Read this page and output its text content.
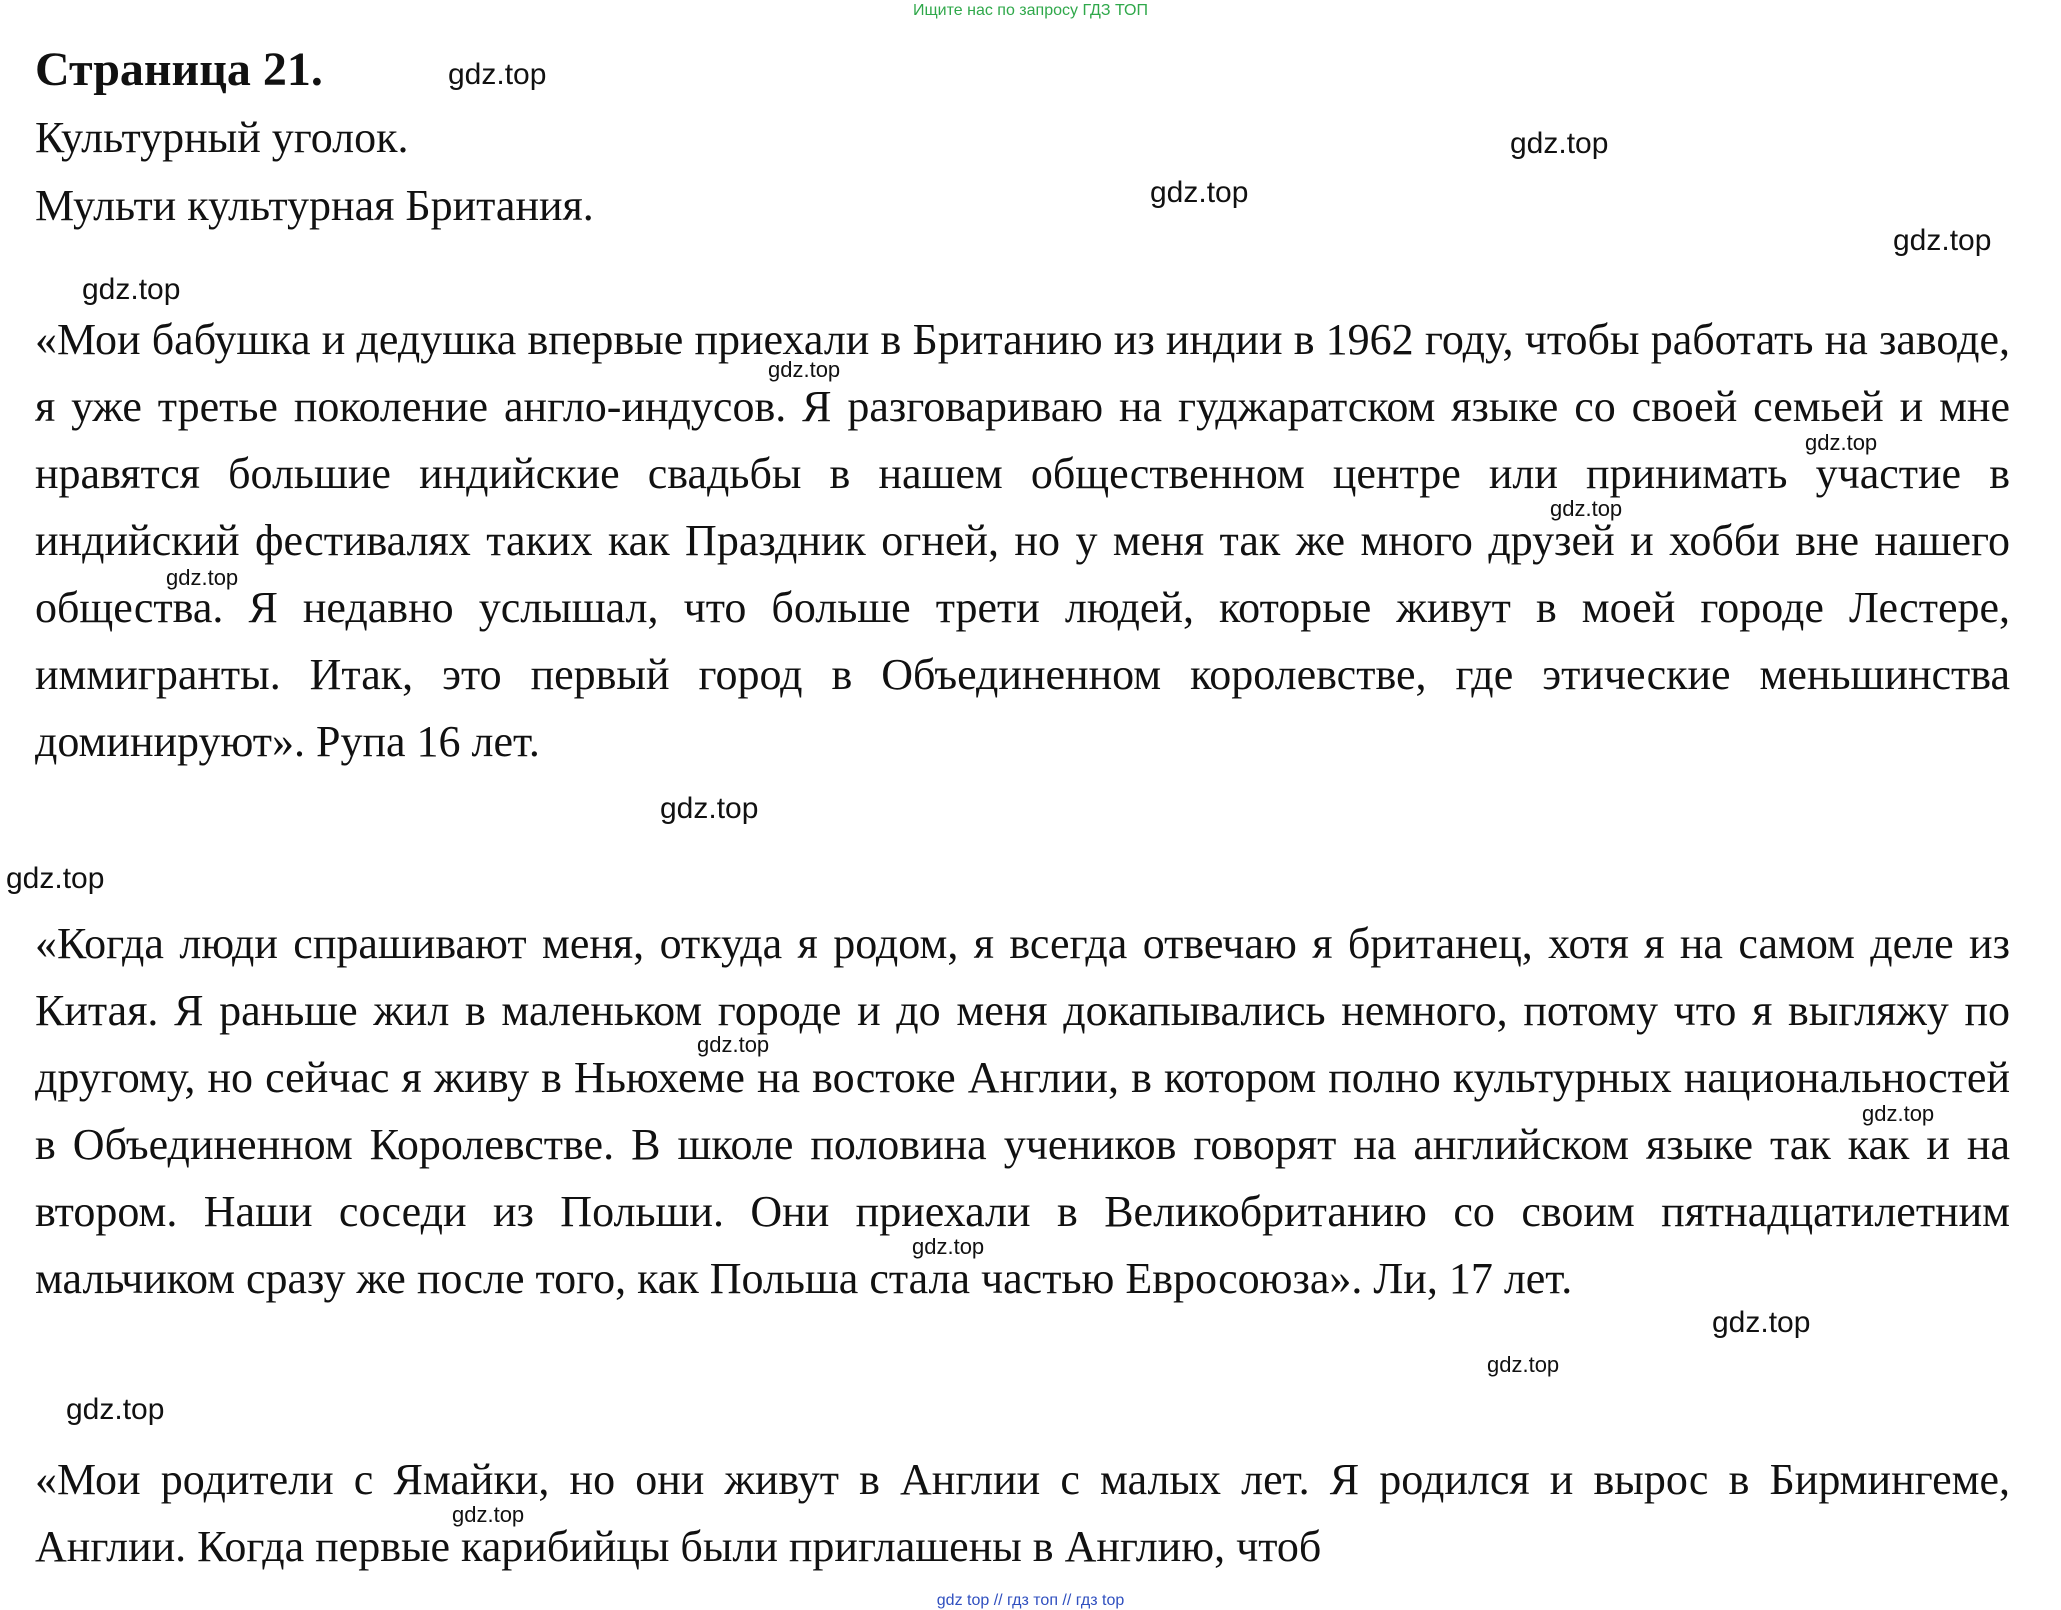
Ищите нас по запросу ГДЗ ТОП
Страница 21.
Культурный уголок.
Мульти культурная Британия.
«Мои бабушка и дедушка впервые приехали в Британию из индии в 1962 году, чтобы работать на заводе, я уже третье поколение англо-индусов. Я разговариваю на гуджаратском языке со своей семьей и мне нравятся большие индийские свадьбы в нашем общественном центре или принимать участие в индийский фестивалях таких как Праздник огней, но у меня так же много друзей и хобби вне нашего общества. Я недавно услышал, что больше трети людей, которые живут в моей городе Лестере, иммигранты. Итак, это первый город в Объединенном королевстве, где этические меньшинства доминируют». Рупа 16 лет.
«Когда люди спрашивают меня, откуда я родом, я всегда отвечаю я британец, хотя я на самом деле из Китая. Я раньше жил в маленьком городе и до меня докапывались немного, потому что я выгляжу по другому, но сейчас я живу в Ньюхеме на востоке Англии, в котором полно культурных национальностей в Объединенном Королевстве. В школе половина учеников говорят на английском языке так как и на втором. Наши соседи из Польши. Они приехали в Великобританию со своим пятнадцатилетним мальчиком сразу же после того, как Польша стала частью Евросоюза». Ли, 17 лет.
«Мои родители с Ямайки, но они живут в Англии с малых лет. Я родился и вырос в Бирмингеме, Англии. Когда первые карибийцы были приглашены в Англию, чтоб
gdz.top
gdz.top
gdz.top
gdz.top
gdz.top
gdz.top
gdz.top
gdz.top
gdz.top
gdz.top
gdz.top
gdz.top
gdz.top
gdz.top
gdz.top
gdz.top
gdz.top
gdz.top
gdz top // гдз топ // гдз top
